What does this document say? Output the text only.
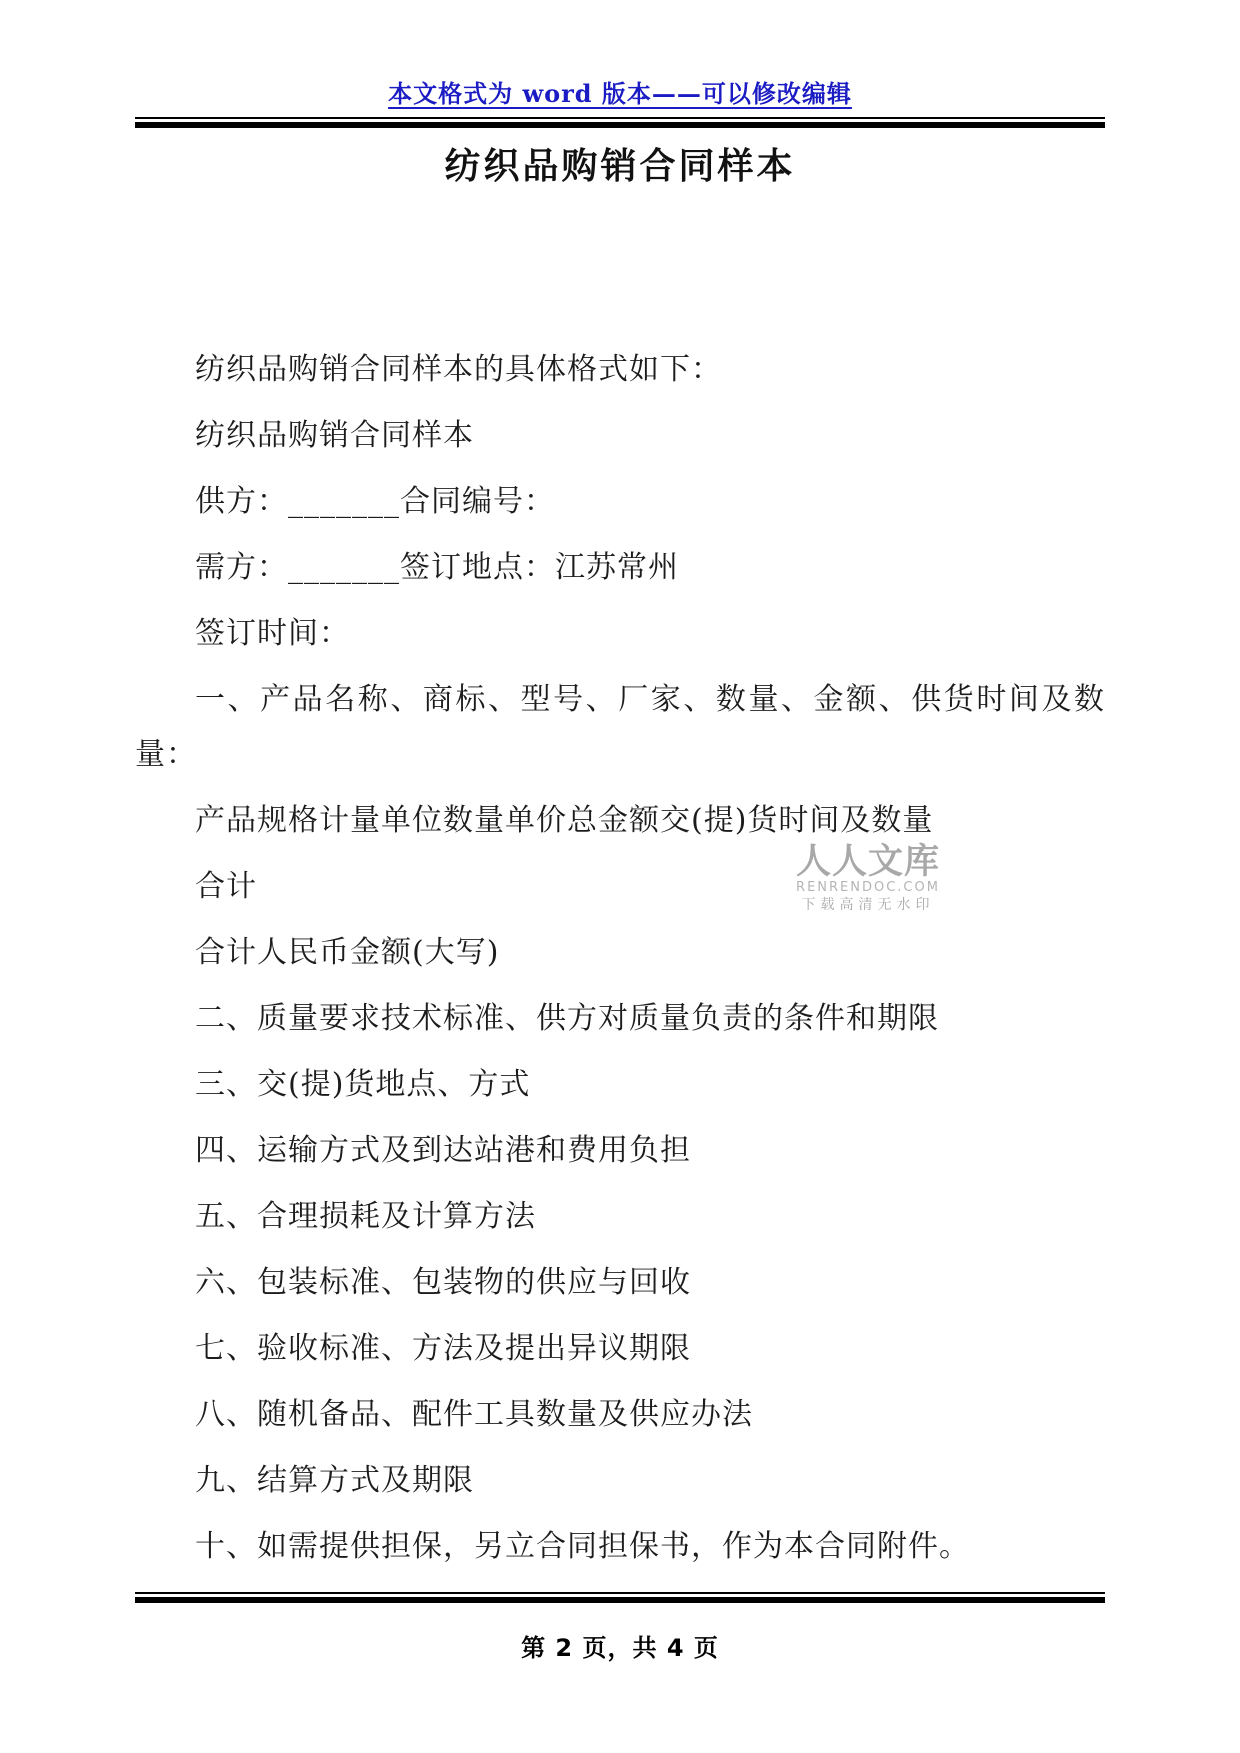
本文格式为 word 版本——可以修改编辑
纺织品购销合同样本

纺织品购销合同样本的具体格式如下：

纺织品购销合同样本

供方：_______合同编号：

需方：_______签订地点：江苏常州

签订时间：

一、产品名称、商标、型号、厂家、数量、金额、供货时间及数

量：

产品规格计量单位数量单价总金额交(提)货时间及数量

合计

合计人民币金额(大写)

二、质量要求技术标准、供方对质量负责的条件和期限

三、交(提)货地点、方式

四、运输方式及到达站港和费用负担

五、合理损耗及计算方法

六、包装标准、包装物的供应与回收

七、验收标准、方法及提出异议期限

八、随机备品、配件工具数量及供应办法

九、结算方式及期限

十、如需提供担保，另立合同担保书，作为本合同附件。

人人文库
RENRENDOC.COM
下载高清无水印
第 2 页，共 4 页
